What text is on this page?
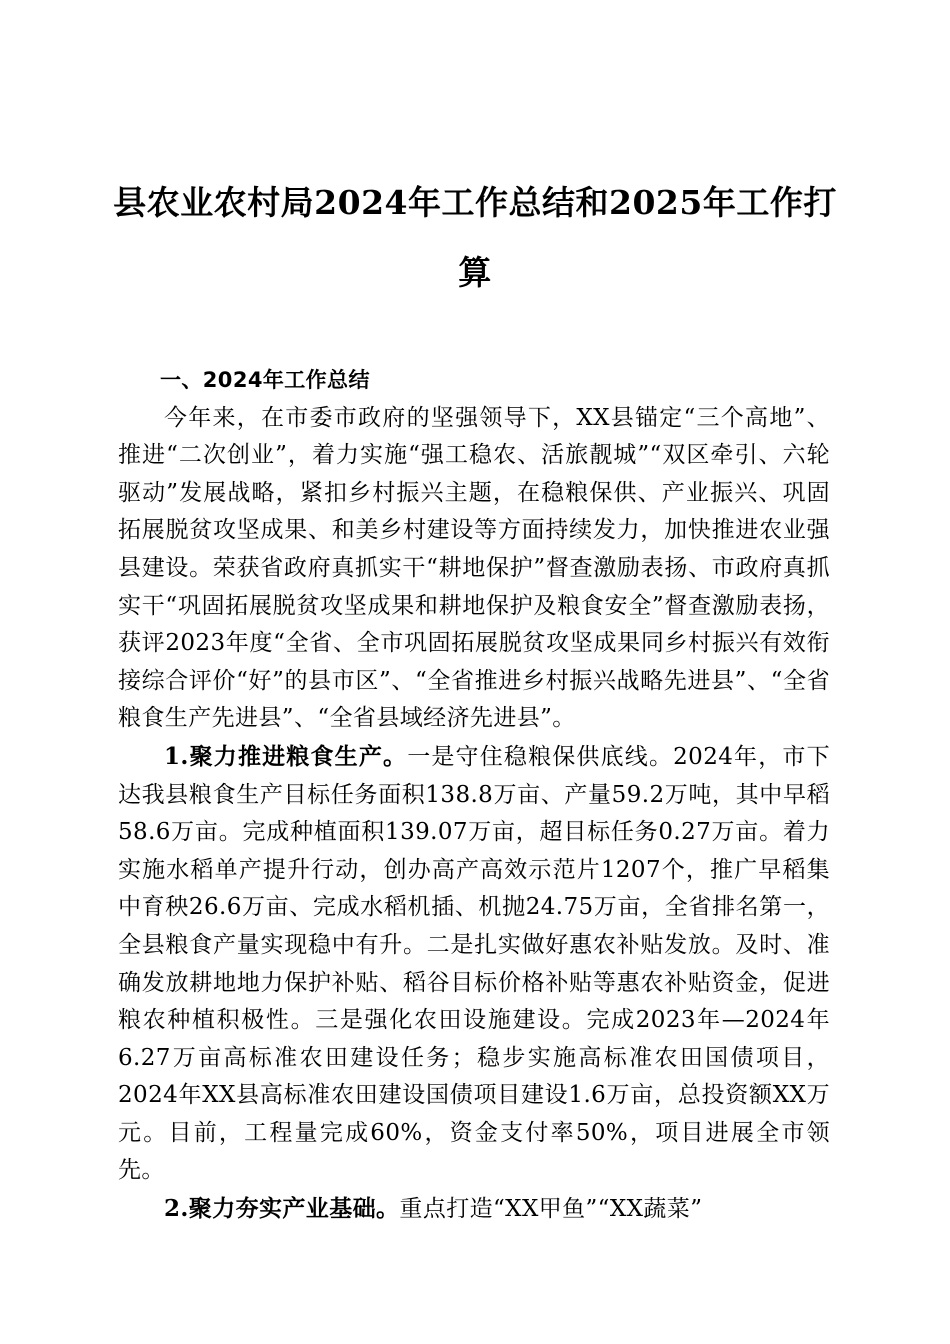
县农业农村局2024年工作总结和2025年工作打算

一、2024年工作总结

今年来，在市委市政府的坚强领导下，XX县锚定“三个高地”、推进“二次创业”，着力实施“强工稳农、活旅靓城”“双区牵引、六轮驱动”发展战略，紧扣乡村振兴主题，在稳粮保供、产业振兴、巩固拓展脱贫攻坚成果、和美乡村建设等方面持续发力，加快推进农业强县建设。荣获省政府真抓实干“耕地保护”督查激励表扬、市政府真抓实干“巩固拓展脱贫攻坚成果和耕地保护及粮食安全”督查激励表扬，获评2023年度“全省、全市巩固拓展脱贫攻坚成果同乡村振兴有效衔接综合评价“好”的县市区”、“全省推进乡村振兴战略先进县”、“全省粮食生产先进县”、“全省县域经济先进县”。

1.聚力推进粮食生产。一是守住稳粮保供底线。2024年，市下达我县粮食生产目标任务面积138.8万亩、产量59.2万吨，其中早稻58.6万亩。完成种植面积139.07万亩，超目标任务0.27万亩。着力实施水稻单产提升行动，创办高产高效示范片1207个，推广早稻集中育秧26.6万亩、完成水稻机插、机抛24.75万亩，全省排名第一，全县粮食产量实现稳中有升。二是扎实做好惠农补贴发放。及时、准确发放耕地地力保护补贴、稻谷目标价格补贴等惠农补贴资金，促进粮农种植积极性。三是强化农田设施建设。完成2023年—2024年6.27万亩高标准农田建设任务；稳步实施高标准农田国债项目，2024年XX县高标准农田建设国债项目建设1.6万亩，总投资额XX万元。目前，工程量完成60%，资金支付率50%，项目进展全市领先。

2.聚力夯实产业基础。重点打造“XX甲鱼”“XX蔬菜”
